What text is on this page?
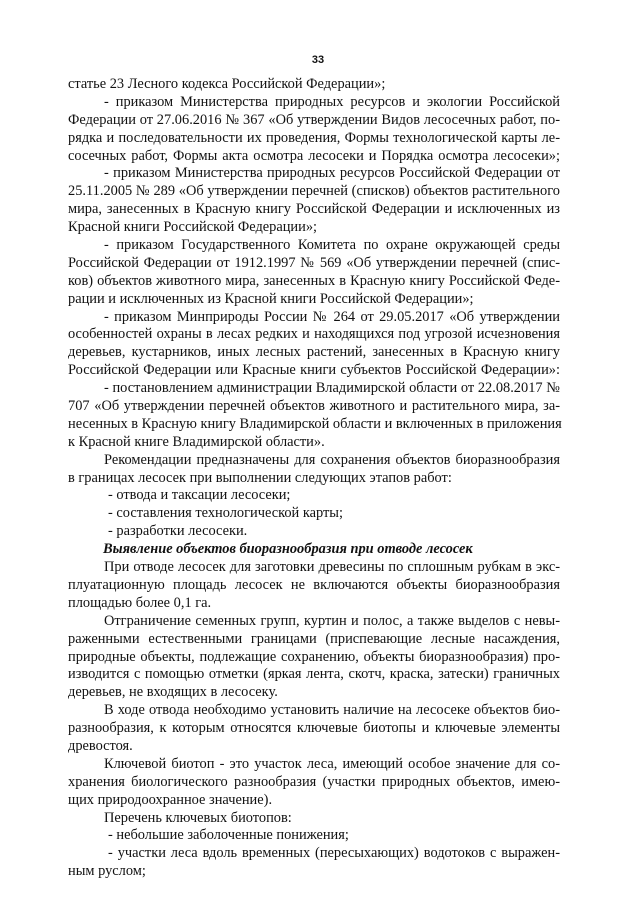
33
статье 23 Лесного кодекса Российской Федерации»;
- приказом Министерства природных ресурсов и экологии Российской
Федерации от 27.06.2016 № 367 «Об утверждении Видов лесосечных работ, по-
рядка и последовательности их проведения, Формы технологической карты ле-
сосечных работ, Формы акта осмотра лесосеки и Порядка осмотра лесосеки»;
- приказом Министерства природных ресурсов Российской Федерации от
25.11.2005 № 289 «Об утверждении перечней (списков) объектов растительного
мира, занесенных в Красную книгу Российской Федерации и исключенных из
Красной книги Российской Федерации»;
- приказом Государственного Комитета по охране окружающей среды
Российской Федерации от 1912.1997 № 569 «Об утверждении перечней (спис-
ков) объектов животного мира, занесенных в Красную книгу Российской Феде-
рации и исключенных из Красной книги Российской Федерации»;
- приказом Минприроды России № 264 от 29.05.2017 «Об утверждении
особенностей охраны в лесах редких и находящихся под угрозой исчезновения
деревьев, кустарников, иных лесных растений, занесенных в Красную книгу
Российской Федерации или Красные книги субъектов Российской Федерации»:
- постановлением администрации Владимирской области от 22.08.2017 №
707 «Об утверждении перечней объектов животного и растительного мира, за-
несенных в Красную книгу Владимирской области и включенных в приложения
к Красной книге Владимирской области».
Рекомендации предназначены для сохранения объектов биоразнообразия
в границах лесосек при выполнении следующих этапов работ:
- отвода и таксации лесосеки;
- составления технологической карты;
- разработки лесосеки.
Выявление объектов биоразнообразия при отводе лесосек
При отводе лесосек для заготовки древесины по сплошным рубкам в экс-
плуатационную площадь лесосек не включаются объекты биоразнообразия
площадью более 0,1 га.
Отграничение семенных групп, куртин и полос, а также выделов с невы-
раженными естественными границами (приспевающие лесные насаждения,
природные объекты, подлежащие сохранению, объекты биоразнообразия) про-
изводится с помощью отметки (яркая лента, скотч, краска, затески) граничных
деревьев, не входящих в лесосеку.
В ходе отвода необходимо установить наличие на лесосеке объектов био-
разнообразия, к которым относятся ключевые биотопы и ключевые элементы
древостоя.
Ключевой биотоп - это участок леса, имеющий особое значение для со-
хранения биологического разнообразия (участки природных объектов, имею-
щих природоохранное значение).
Перечень ключевых биотопов:
- небольшие заболоченные понижения;
- участки леса вдоль временных (пересыхающих) водотоков с выражен-
ным руслом;
